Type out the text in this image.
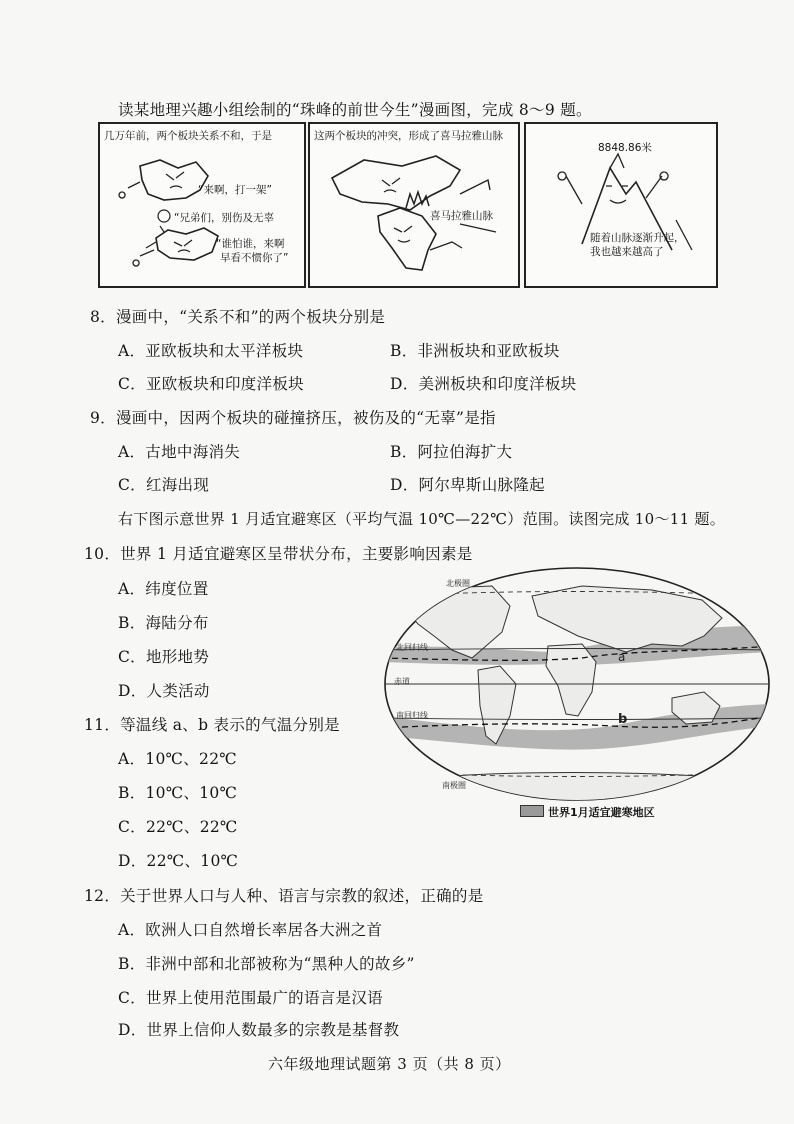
读某地理兴趣小组绘制的“珠峰的前世今生”漫画图，完成 8～9 题。
几万年前，两个板块关系不和，于是
“来啊，打一架”
“兄弟们，别伤及无辜
“谁怕谁，来啊
早看不惯你了”
这两个板块的冲突，形成了喜马拉雅山脉
喜马拉雅山脉
8848.86米
随着山脉逐渐升起，
我也越来越高了
8．漫画中，“关系不和”的两个板块分别是
A．亚欧板块和太平洋板块	B．非洲板块和亚欧板块
C．亚欧板块和印度洋板块	D．美洲板块和印度洋板块
9．漫画中，因两个板块的碰撞挤压，被伤及的“无辜”是指
A．古地中海消失	B．阿拉伯海扩大
C．红海出现	D．阿尔卑斯山脉隆起
右下图示意世界 1 月适宜避寒区（平均气温 10℃—22℃）范围。读图完成 10～11 题。
10．世界 1 月适宜避寒区呈带状分布，主要影响因素是
A．纬度位置
B．海陆分布
C．地形地势
D．人类活动
11．等温线 a、b 表示的气温分别是
A．10℃、22℃
B．10℃、10℃
C．22℃、22℃
D．22℃、10℃
北极圈
北回归线
赤道
南回归线
南极圈
a
b
世界1月适宜避寒地区
12．关于世界人口与人种、语言与宗教的叙述，正确的是
A．欧洲人口自然增长率居各大洲之首
B．非洲中部和北部被称为“黑种人的故乡”
C．世界上使用范围最广的语言是汉语
D．世界上信仰人数最多的宗教是基督教
六年级地理试题第 3 页（共 8 页）
